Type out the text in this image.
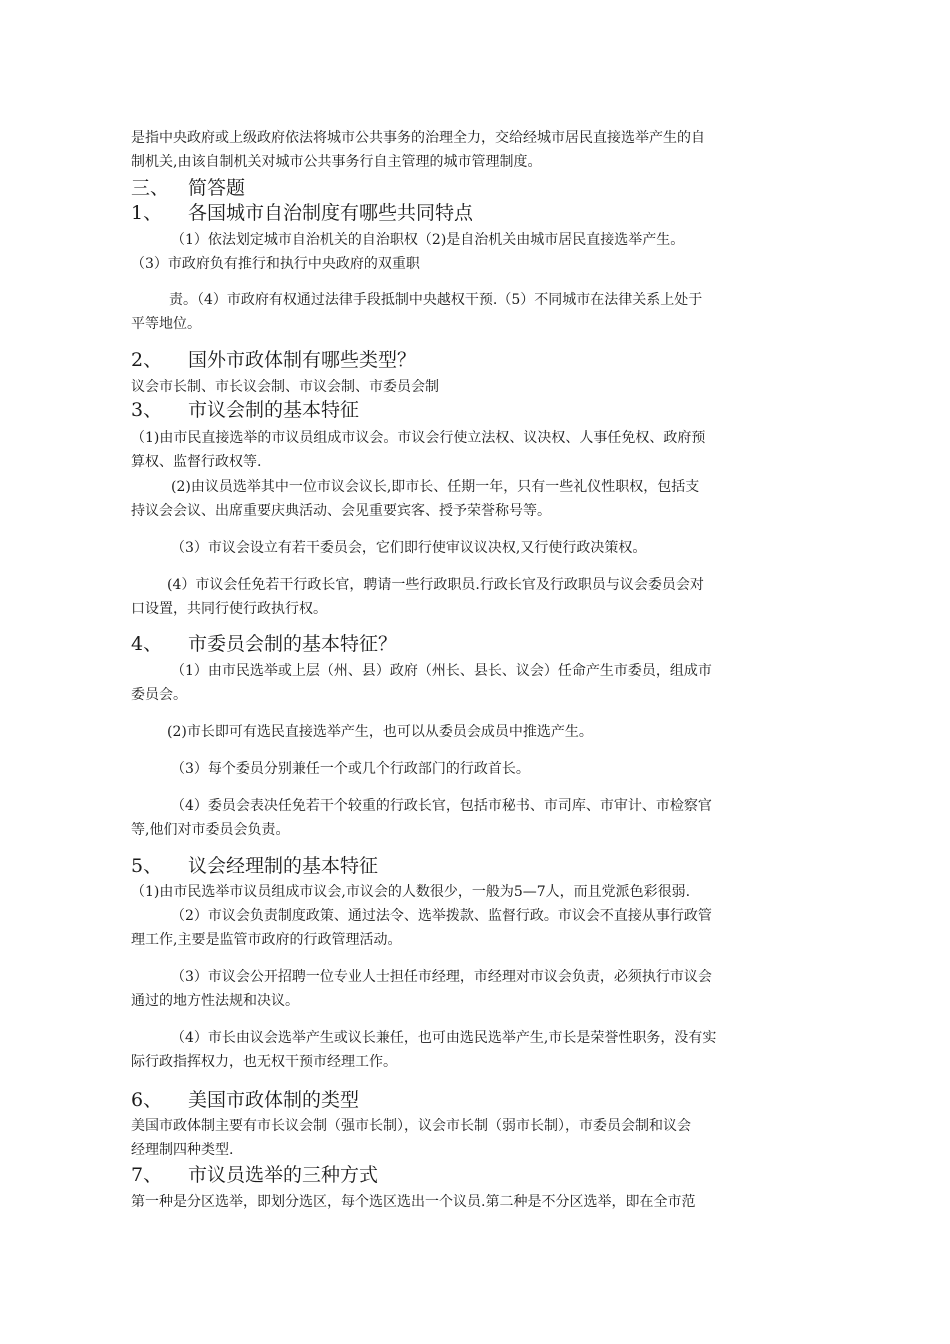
三、 简答题
1、 各国城市自治制度有哪些共同特点
2、 国外市政体制有哪些类型？
3、 市议会制的基本特征
4、 市委员会制的基本特征？
5、 议会经理制的基本特征
6、 美国市政体制的类型
7、 市议员选举的三种方式
是指中央政府或上级政府依法将城市公共事务的治理全力，交给经城市居民直接选举产生的自
制机关,由该自制机关对城市公共事务行自主管理的城市管理制度。
（1）依法划定城市自治机关的自治职权（2)是自治机关由城市居民直接选举产生。
（3）市政府负有推行和执行中央政府的双重职
责。（4）市政府有权通过法律手段抵制中央越权干预.（5）不同城市在法律关系上处于
平等地位。
议会市长制、市长议会制、市议会制、市委员会制
（1)由市民直接选举的市议员组成市议会。市议会行使立法权、议决权、人事任免权、政府预
算权、监督行政权等.
(2)由议员选举其中一位市议会议长,即市长、任期一年，只有一些礼仪性职权，包括支
持议会会议、出席重要庆典活动、会见重要宾客、授予荣誉称号等。
（3）市议会设立有若干委员会，它们即行使审议议决权,又行使行政决策权。
(4）市议会任免若干行政长官，聘请一些行政职员.行政长官及行政职员与议会委员会对
口设置，共同行使行政执行权。
（1）由市民选举或上层（州、县）政府（州长、县长、议会）任命产生市委员，组成市
委员会。
(2)市长即可有选民直接选举产生，也可以从委员会成员中推选产生。
（3）每个委员分别兼任一个或几个行政部门的行政首长。
（4）委员会表决任免若干个较重的行政长官，包括市秘书、市司库、市审计、市检察官
等,他们对市委员会负责。
（1)由市民选举市议员组成市议会,市议会的人数很少，一般为5—7人，而且党派色彩很弱.
（2）市议会负责制度政策、通过法令、选举拨款、监督行政。市议会不直接从事行政管
理工作,主要是监管市政府的行政管理活动。
（3）市议会公开招聘一位专业人士担任市经理，市经理对市议会负责，必须执行市议会
通过的地方性法规和决议。
（4）市长由议会选举产生或议长兼任，也可由选民选举产生,市长是荣誉性职务，没有实
际行政指挥权力，也无权干预市经理工作。
美国市政体制主要有市长议会制（强市长制），议会市长制（弱市长制），市委员会制和议会
经理制四种类型.
第一种是分区选举，即划分选区，每个选区选出一个议员.第二种是不分区选举，即在全市范
